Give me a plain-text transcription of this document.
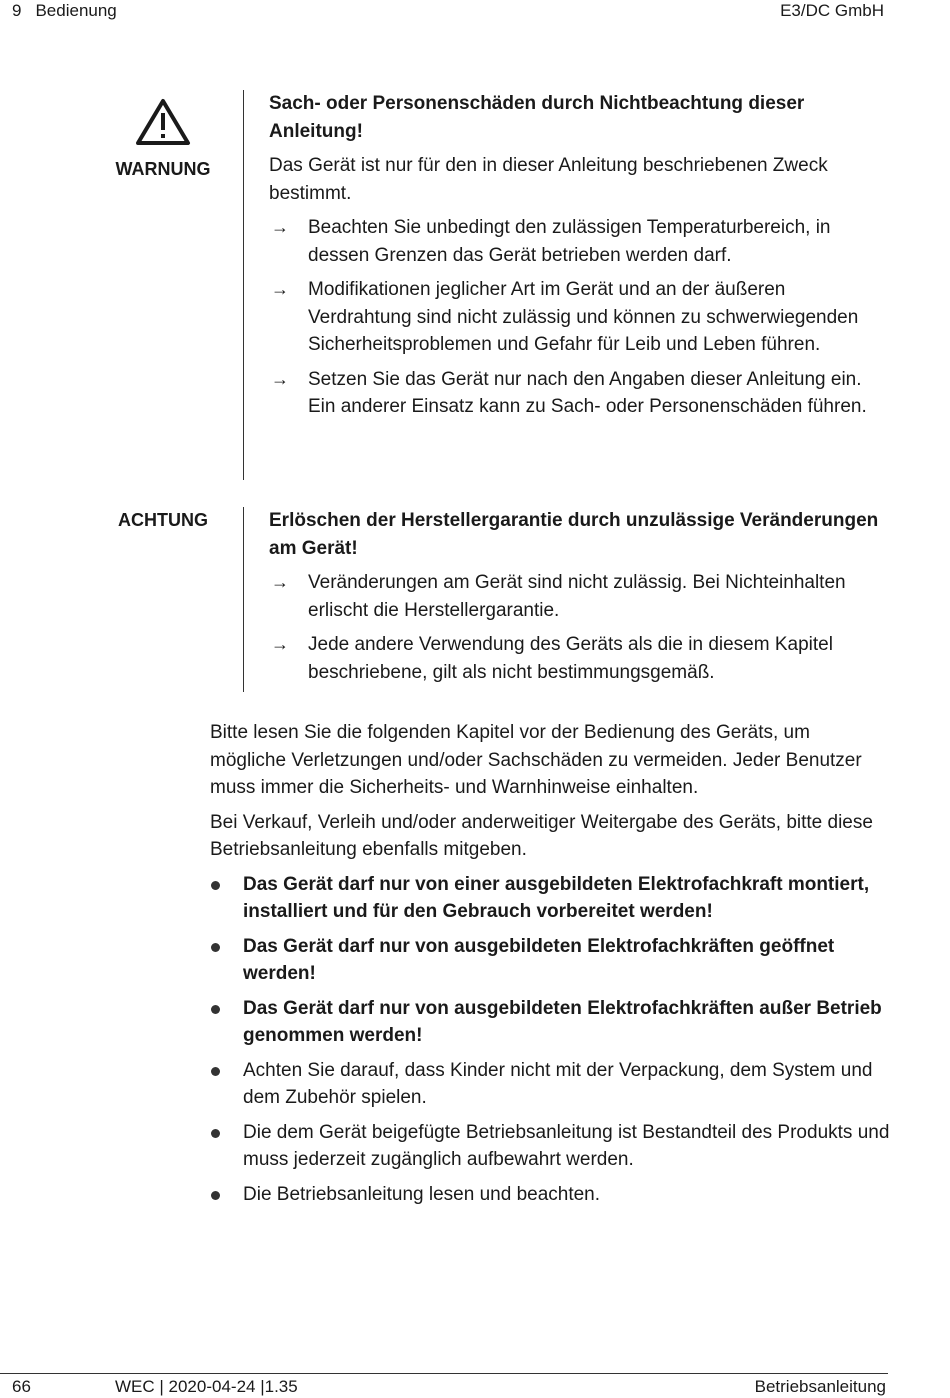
9 Bedienung	E3/DC GmbH
WARNUNG

Sach- oder Personenschäden durch Nichtbeachtung dieser Anleitung!

Das Gerät ist nur für den in dieser Anleitung beschriebenen Zweck bestimmt.

→ Beachten Sie unbedingt den zulässigen Temperaturbereich, in dessen Grenzen das Gerät betrieben werden darf.
→ Modifikationen jeglicher Art im Gerät und an der äußeren Verdrahtung sind nicht zulässig und können zu schwerwiegenden Sicherheitsproblemen und Gefahr für Leib und Leben führen.
→ Setzen Sie das Gerät nur nach den Angaben dieser Anleitung ein. Ein anderer Einsatz kann zu Sach- oder Personenschäden führen.
ACHTUNG	Erlöschen der Herstellergarantie durch unzulässige Veränderungen am Gerät!

→ Veränderungen am Gerät sind nicht zulässig. Bei Nichteinhalten erlischt die Herstellergarantie.
→ Jede andere Verwendung des Geräts als die in diesem Kapitel beschriebene, gilt als nicht bestimmungsgemäß.

Bitte lesen Sie die folgenden Kapitel vor der Bedienung des Geräts, um mögliche Verletzungen und/oder Sachschäden zu vermeiden. Jeder Benutzer muss immer die Sicherheits- und Warnhinweise einhalten.

Bei Verkauf, Verleih und/oder anderweitiger Weitergabe des Geräts, bitte diese Betriebsanleitung ebenfalls mitgeben.

Das Gerät darf nur von einer ausgebildeten Elektrofachkraft montiert, installiert und für den Gebrauch vorbereitet werden!
Das Gerät darf nur von ausgebildeten Elektrofachkräften geöffnet werden!
Das Gerät darf nur von ausgebildeten Elektrofachkräften außer Betrieb genommen werden!
Achten Sie darauf, dass Kinder nicht mit der Verpackung, dem System und dem Zubehör spielen.
Die dem Gerät beigefügte Betriebsanleitung ist Bestandteil des Produkts und muss jederzeit zugänglich aufbewahrt werden.
Die Betriebsanleitung lesen und beachten.
66	WEC | 2020-04-24 |1.35	Betriebsanleitung
